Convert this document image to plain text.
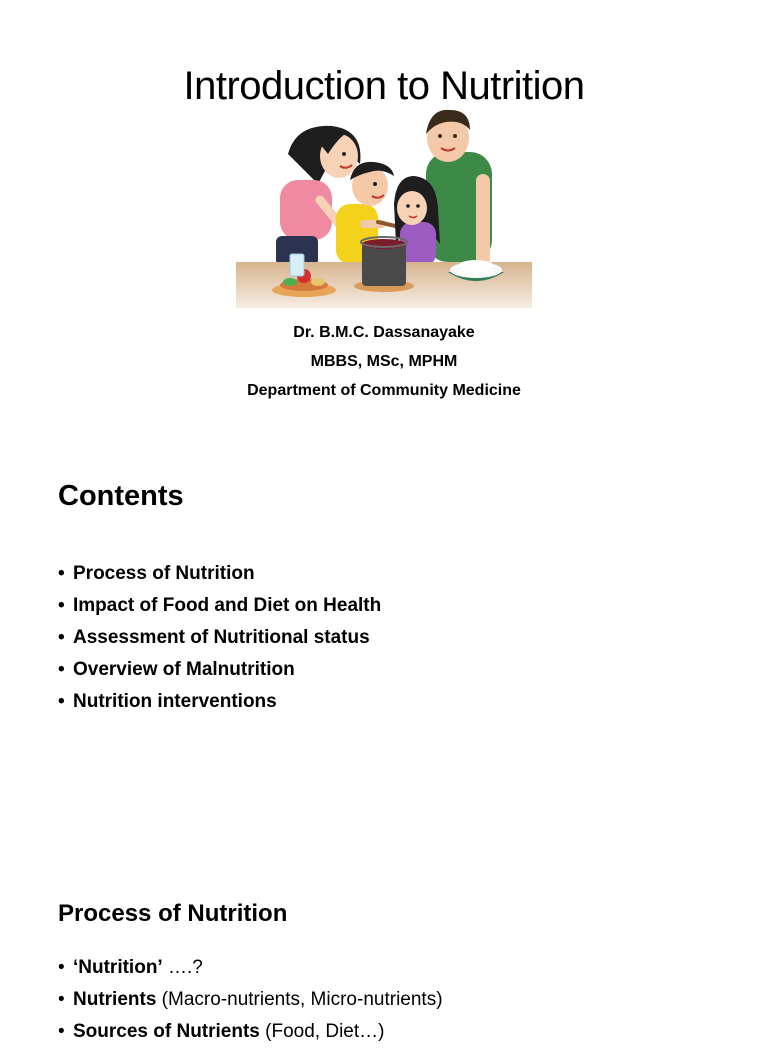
Introduction to Nutrition
Dr. B.M.C. Dassanayake
MBBS, MSc, MPHM
Department of Community Medicine
Contents
• Process of Nutrition
• Impact of Food and Diet on Health
• Assessment of Nutritional status
• Overview of Malnutrition
• Nutrition interventions
Process of Nutrition
• ‘Nutrition’ ….?
• Nutrients (Macro-nutrients, Micro-nutrients)
• Sources of Nutrients (Food, Diet…)
